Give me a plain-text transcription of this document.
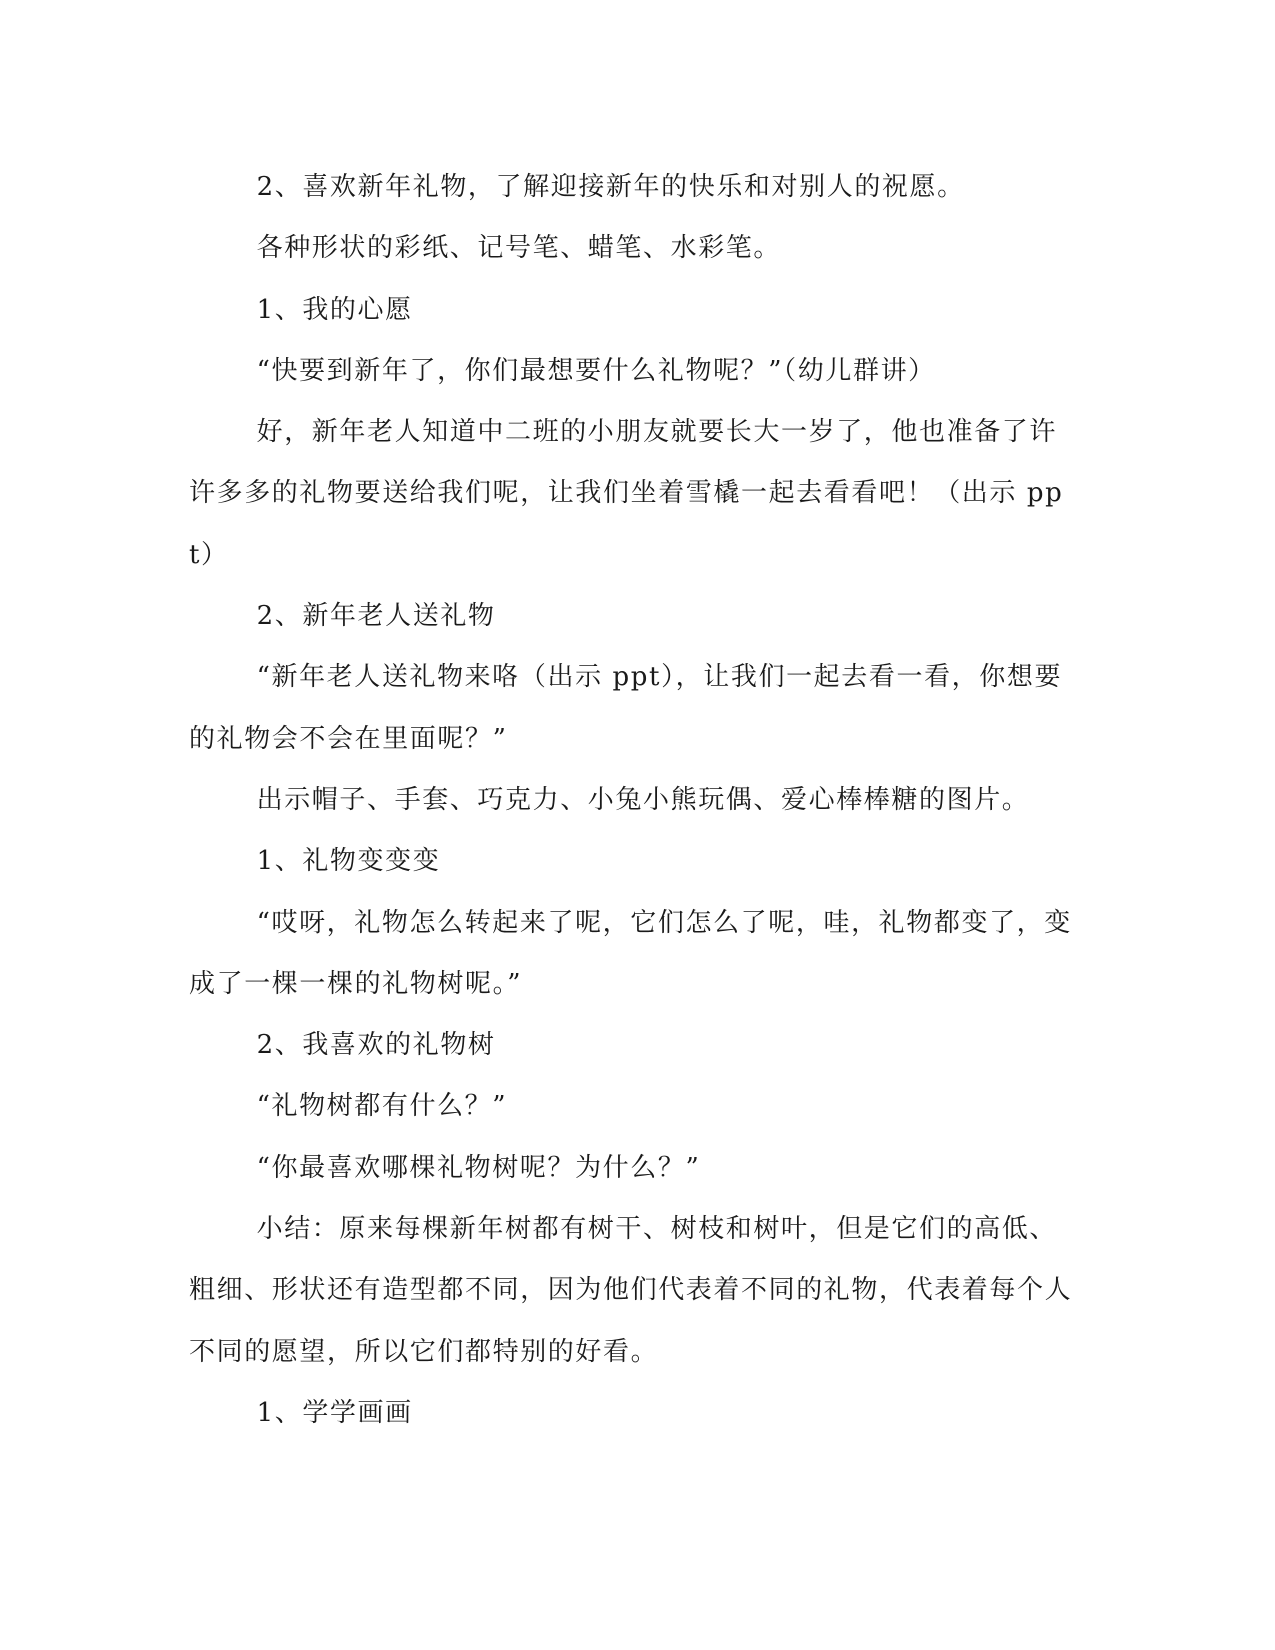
2、喜欢新年礼物，了解迎接新年的快乐和对别人的祝愿。

各种形状的彩纸、记号笔、蜡笔、水彩笔。

1、我的心愿

“快要到新年了，你们最想要什么礼物呢？”（幼儿群讲）

好，新年老人知道中二班的小朋友就要长大一岁了，他也准备了许许多多的礼物要送给我们呢，让我们坐着雪橇一起去看看吧！（出示 ppt）

2、新年老人送礼物

“新年老人送礼物来咯（出示 ppt），让我们一起去看一看，你想要的礼物会不会在里面呢？”

出示帽子、手套、巧克力、小兔小熊玩偶、爱心棒棒糖的图片。

1、礼物变变变

“哎呀，礼物怎么转起来了呢，它们怎么了呢，哇，礼物都变了，变成了一棵一棵的礼物树呢。”

2、我喜欢的礼物树

“礼物树都有什么？”

“你最喜欢哪棵礼物树呢？为什么？”

小结：原来每棵新年树都有树干、树枝和树叶，但是它们的高低、粗细、形状还有造型都不同，因为他们代表着不同的礼物，代表着每个人不同的愿望，所以它们都特别的好看。

1、学学画画
